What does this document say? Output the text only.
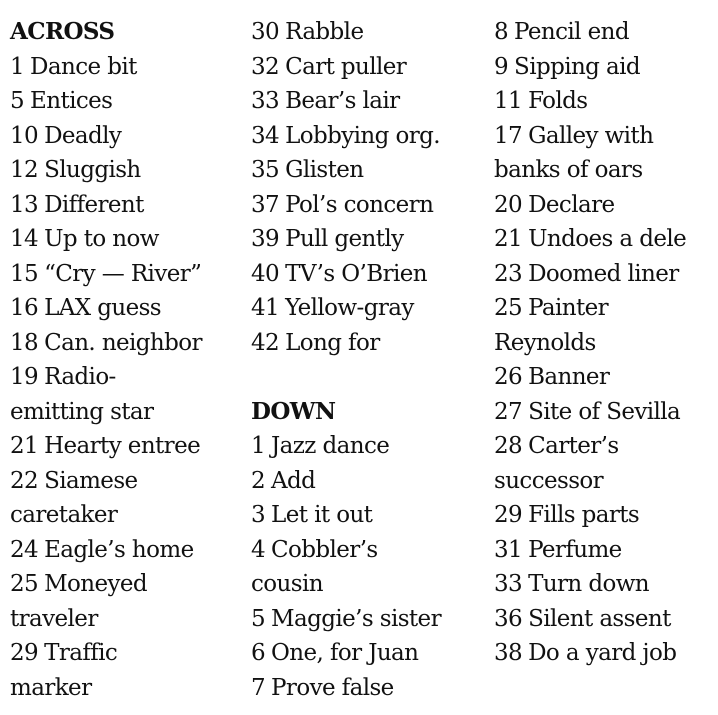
ACROSS
1 Dance bit
5 Entices
10 Deadly
12 Sluggish
13 Different
14 Up to now
15 “Cry — River”
16 LAX guess
18 Can. neighbor
19 Radio-
emitting star
21 Hearty entree
22 Siamese
caretaker
24 Eagle’s home
25 Moneyed
traveler
29 Traffic
marker
30 Rabble
32 Cart puller
33 Bear’s lair
34 Lobbying org.
35 Glisten
37 Pol’s concern
39 Pull gently
40 TV’s O’Brien
41 Yellow-gray
42 Long for
DOWN
1 Jazz dance
2 Add
3 Let it out
4 Cobbler’s
cousin
5 Maggie’s sister
6 One, for Juan
7 Prove false
8 Pencil end
9 Sipping aid
11 Folds
17 Galley with
banks of oars
20 Declare
21 Undoes a dele
23 Doomed liner
25 Painter
Reynolds
26 Banner
27 Site of Sevilla
28 Carter’s
successor
29 Fills parts
31 Perfume
33 Turn down
36 Silent assent
38 Do a yard job
